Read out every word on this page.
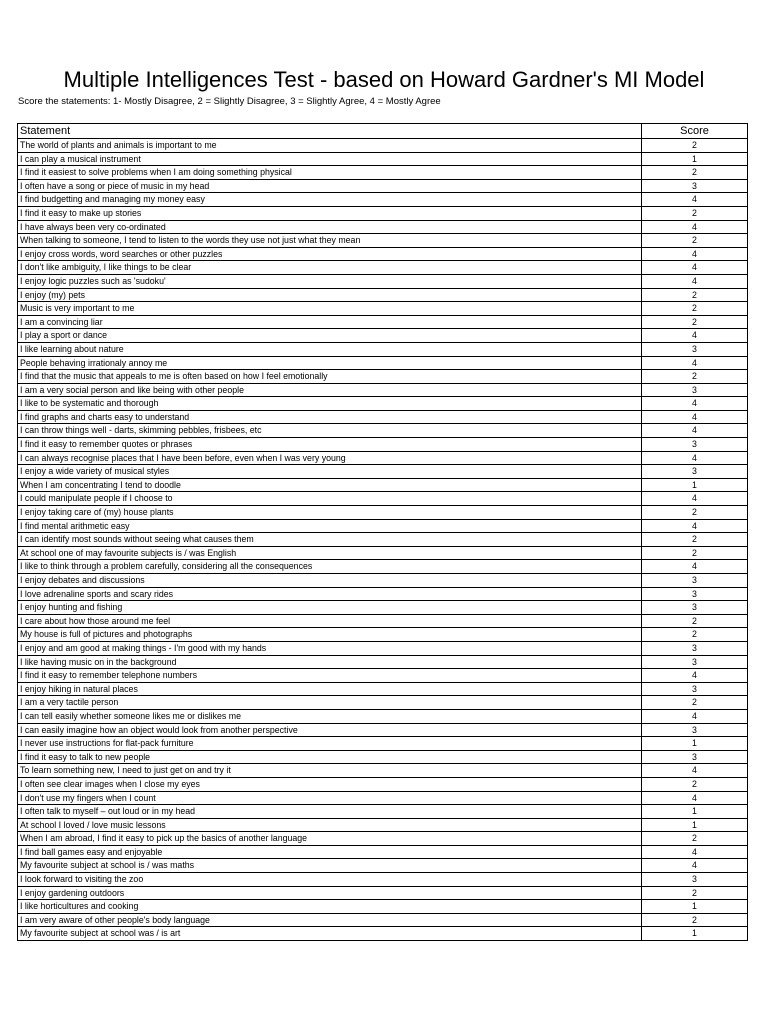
Multiple Intelligences Test - based on Howard Gardner's MI Model
Score the statements: 1- Mostly Disagree, 2 = Slightly Disagree, 3 = Slightly Agree, 4 = Mostly Agree
Statement	Score
The world of plants and animals is important to me	2
I can play a musical instrument	1
I find it easiest to solve problems when I am doing something physical	2
I often have a song or piece of music in my head	3
I find budgetting and managing my money easy	4
I find it easy to make up stories	2
I have always been very co-ordinated	4
When talking to someone, I tend to listen to the words they use not just what they mean	2
I enjoy cross words, word searches or other puzzles	4
I don't like ambiguity, I like things to be clear	4
I enjoy logic puzzles such as 'sudoku'	4
I enjoy (my) pets	2
Music is very important to me	2
I am a convincing liar	2
I play a sport or dance	4
I like learning about nature	3
People behaving irrationaly annoy me	4
I find that the music that appeals to me is often based on how I feel emotionally	2
I am a very social person and like being with other people	3
I like to be systematic and thorough	4
I find graphs and charts easy to understand	4
I can throw things well - darts, skimming pebbles, frisbees, etc	4
I find it easy to remember quotes or phrases	3
I can always recognise places that I have been before, even when I was very young	4
I enjoy a wide variety of musical styles	3
When I am concentrating I tend to doodle	1
I could manipulate people if I choose to	4
I enjoy taking care of (my) house plants	2
I find mental arithmetic easy	4
I can identify most sounds without seeing what causes them	2
At school one of may favourite subjects is / was English	2
I like to think through a problem carefully, considering all the consequences	4
I enjoy debates and discussions	3
I love adrenaline sports and scary rides	3
I enjoy hunting and fishing	3
I care about how those around me feel	2
My house is full of pictures and photographs	2
I enjoy and am good at making things - I'm good with my hands	3
I like having music on in the background	3
I find it easy to remember telephone numbers	4
I enjoy hiking in natural places	3
I am a very tactile person	2
I can tell easily whether someone likes me or dislikes me	4
I can easily imagine how an object would look from another perspective	3
I never use instructions for flat-pack furniture	1
I find it easy to talk to new people	3
To learn something new, I need to just get on and try it	4
I often see clear images when I close my eyes	2
I don't use my fingers when I count	4
I often talk to myself – out loud or in my head	1
At school I loved / love music lessons	1
When I am abroad, I find it easy to pick up the basics of another language	2
I find ball games easy and enjoyable	4
My favourite subject at school is / was maths	4
I look forward to visiting the zoo	3
I enjoy gardening outdoors	2
I like horticultures and cooking	1
I am very aware of other people's body language	2
My favourite subject at school was / is art	1
